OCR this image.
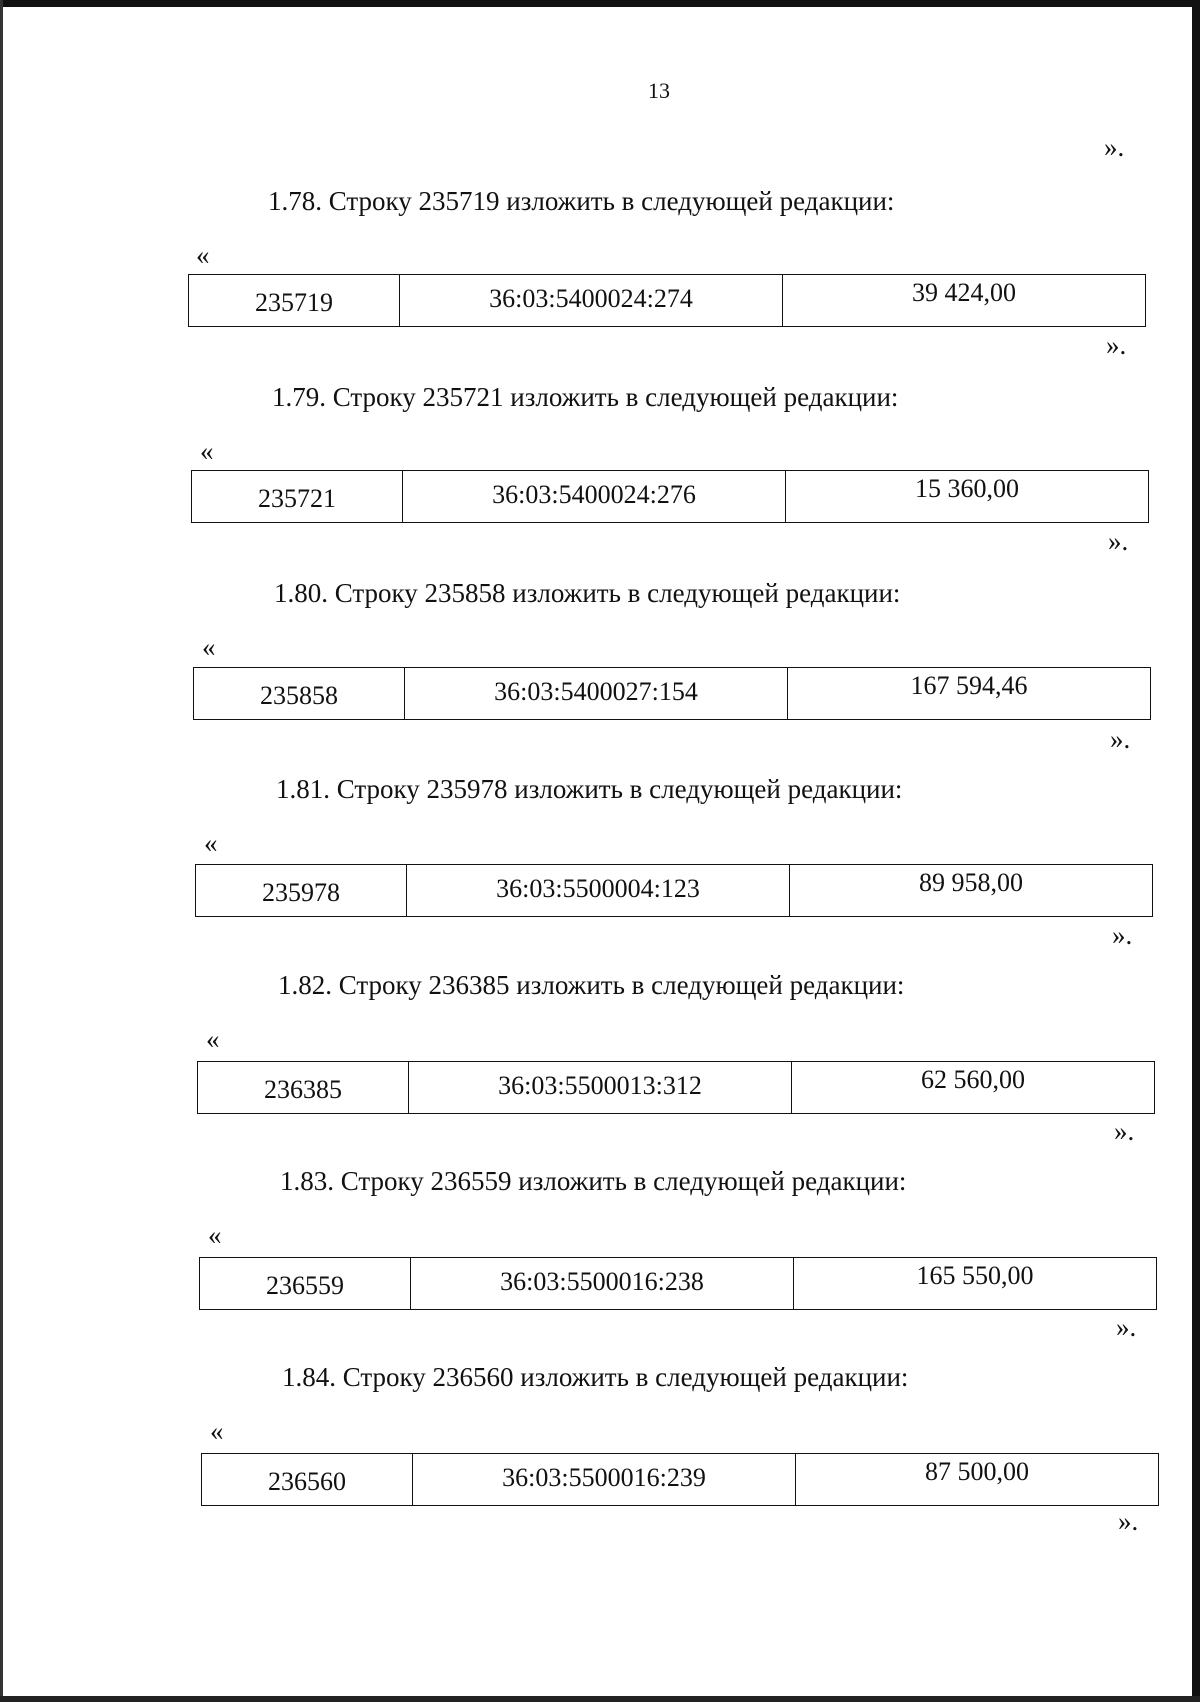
13
».
1.78. Строку 235719 изложить в следующей редакции:
«
235719	36:03:5400024:274	39 424,00
».
1.79. Строку 235721 изложить в следующей редакции:
«
235721	36:03:5400024:276	15 360,00
».
1.80. Строку 235858 изложить в следующей редакции:
«
235858	36:03:5400027:154	167 594,46
».
1.81. Строку 235978 изложить в следующей редакции:
«
235978	36:03:5500004:123	89 958,00
».
1.82. Строку 236385 изложить в следующей редакции:
«
236385	36:03:5500013:312	62 560,00
».
1.83. Строку 236559 изложить в следующей редакции:
«
236559	36:03:5500016:238	165 550,00
».
1.84. Строку 236560 изложить в следующей редакции:
«
236560	36:03:5500016:239	87 500,00
».
